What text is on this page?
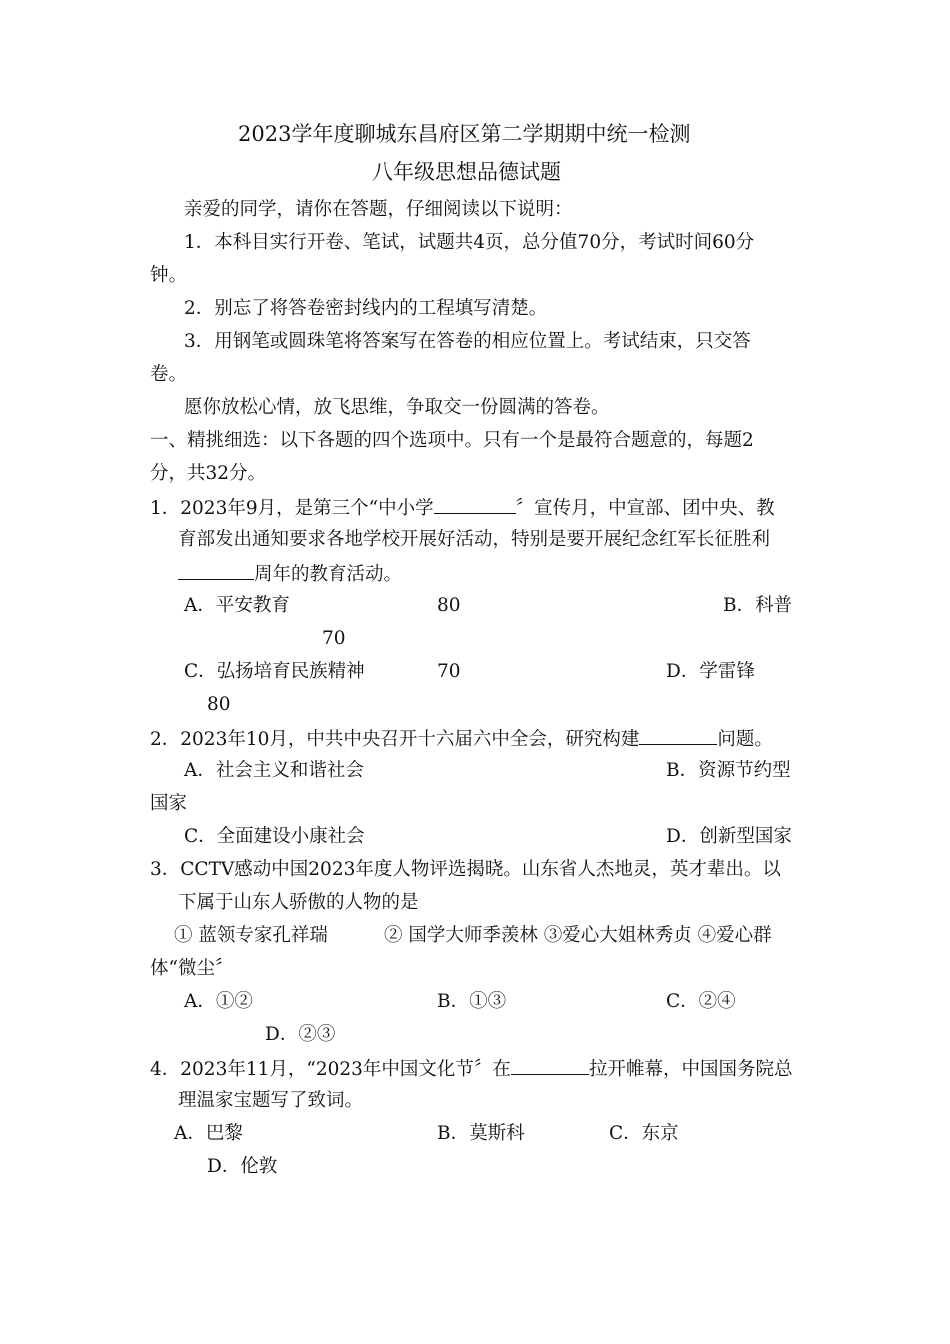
2023学年度聊城东昌府区第二学期期中统一检测
八年级思想品德试题
亲爱的同学，请你在答题，仔细阅读以下说明：
1．本科目实行开卷、笔试，试题共4页，总分值70分，考试时间60分
钟。
2．别忘了将答卷密封线内的工程填写清楚。
3．用钢笔或圆珠笔将答案写在答卷的相应位置上。考试结束，只交答
卷。
愿你放松心情，放飞思维，争取交一份圆满的答卷。
一、精挑细选：以下各题的四个选项中。只有一个是最符合题意的，每题2
分，共32分。
1．2023年9月，是第三个“中小学	〞宣传月，中宣部、团中央、教
育部发出通知要求各地学校开展好活动，特别是要开展纪念红军长征胜利
周年的教育活动。
A．平安教育	80	B．科普
70
C．弘扬培育民族精神	70	D．学雷锋
80
2．2023年10月，中共中央召开十六届六中全会，研究构建	问题。
A．社会主义和谐社会	B．资源节约型
国家
C．全面建设小康社会	D．创新型国家
3．CCTV感动中国2023年度人物评选揭晓。山东省人杰地灵，英才辈出。以
下属于山东人骄傲的人物的是
① 蓝领专家孔祥瑞	② 国学大师季羡林 ③爱心大姐林秀贞 ④爱心群
体“微尘〞
A．①②	B．①③	C．②④
D．②③
4．2023年11月，“2023年中国文化节〞在	拉开帷幕，中国国务院总
理温家宝题写了致词。
A．巴黎	B．莫斯科	C．东京
D．伦敦
